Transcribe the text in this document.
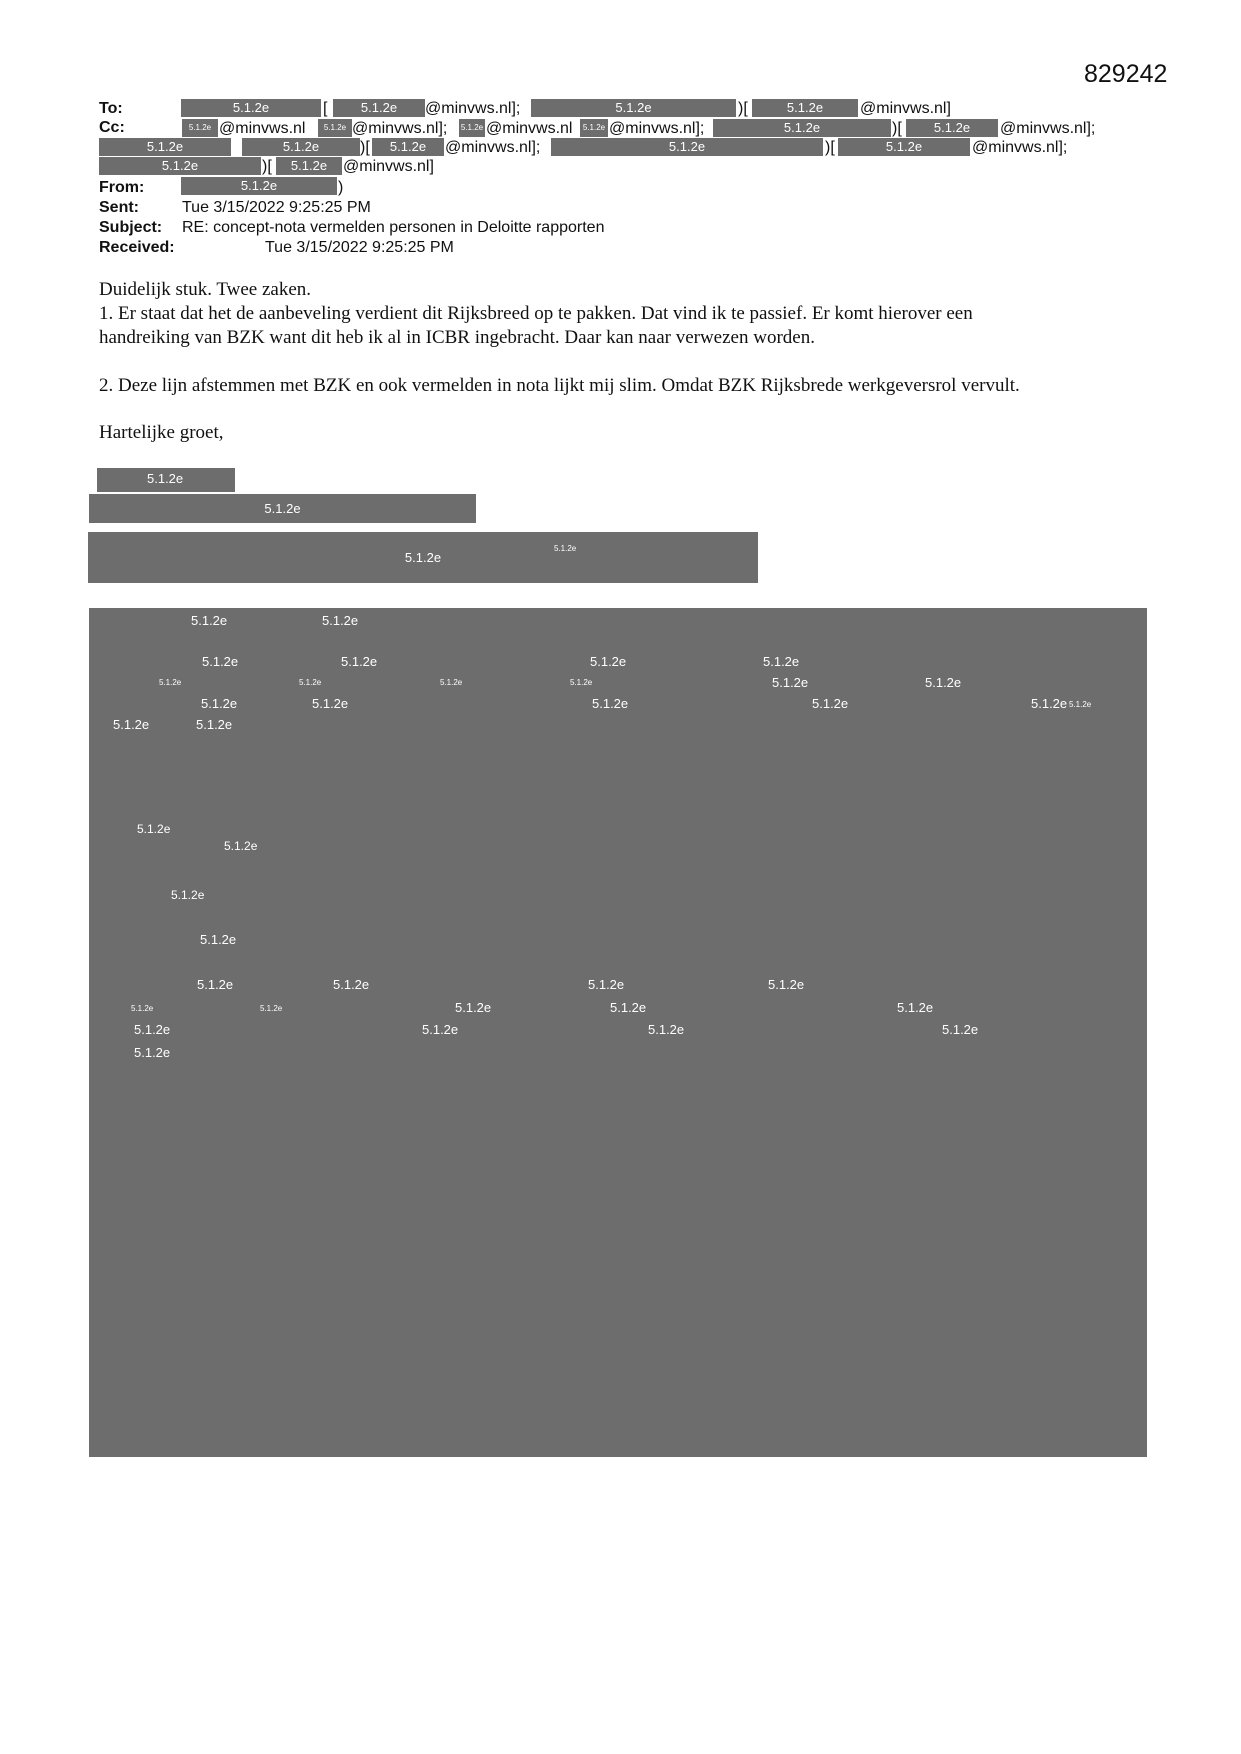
829242
To:	5.1.2e	[	5.1.2e	@minvws.nl];	5.1.2e	)[	5.1.2e	@minvws.nl]
Cc:	5.1.2e @minvws.nl	5.1.2e @minvws.nl]; 5.1.2e @minvws.nl	5.1.2e @minvws.nl];	5.1.2e	)[	5.1.2e	@minvws.nl];
5.1.2e	5.1.2e	)[	5.1.2e	@minvws.nl];	5.1.2e	)[	5.1.2e	@minvws.nl];
5.1.2e	)[	5.1.2e @minvws.nl]
From:	5.1.2e	)
Sent:	Tue 3/15/2022 9:25:25 PM
Subject: RE: concept-nota vermelden personen in Deloitte rapporten
Received:	Tue 3/15/2022 9:25:25 PM
Duidelijk stuk. Twee zaken.
1. Er staat dat het de aanbeveling verdient dit Rijksbreed op te pakken. Dat vind ik te passief. Er komt hierover een
handreiking van BZK want dit heb ik al in ICBR ingebracht. Daar kan naar verwezen worden.
2. Deze lijn afstemmen met BZK en ook vermelden in nota lijkt mij slim. Omdat BZK Rijksbrede werkgeversrol vervult.
Hartelijke groet,
5.1.2e
5.1.2e
5.1.2e
5.1.2e
5.1.2e	5.1.2e
5.1.2e	5.1.2e	5.1.2e	5.1.2e
5.1.2e	5.1.2e	5.1.2e	5.1.2e	5.1.2e	5.1.2e
5.1.2e	5.1.2e	5.1.2e	5.1.2e	5.1.2e 5.1.2e
5.1.2e	5.1.2e
5.1.2e
5.1.2e
5.1.2e
5.1.2e
5.1.2e	5.1.2e	5.1.2e	5.1.2e
5.1.2e	5.1.2e	5.1.2e	5.1.2e	5.1.2e
5.1.2e	5.1.2e	5.1.2e	5.1.2e
5.1.2e
